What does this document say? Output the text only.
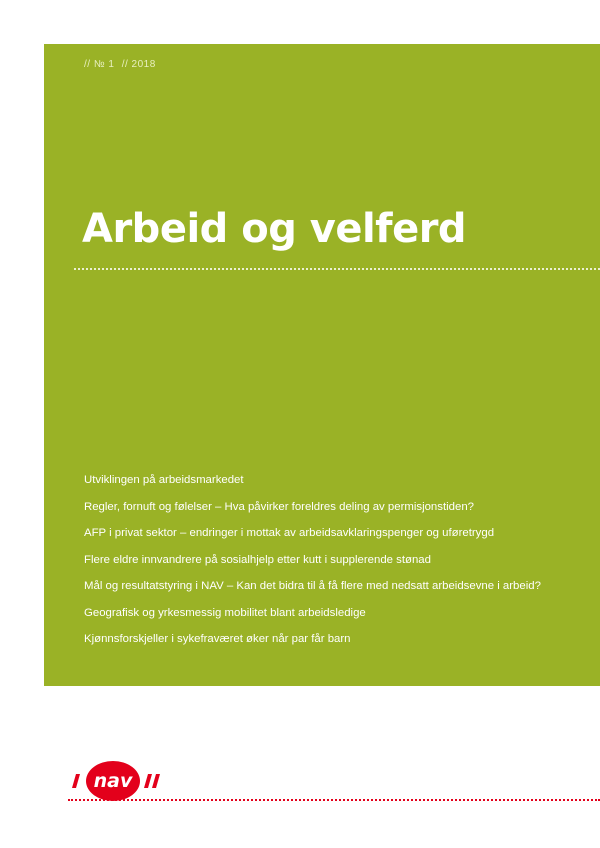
// № 1 // 2018
Arbeid og velferd
Utviklingen på arbeidsmarkedet
Regler, fornuft og følelser – Hva påvirker foreldres deling av permisjonstiden?
AFP i privat sektor – endringer i mottak av arbeidsavklaringspenger og uføretrygd
Flere eldre innvandrere på sosialhjelp etter kutt i supplerende stønad
Mål og resultatstyring i NAV – Kan det bidra til å få flere med nedsatt arbeidsevne i arbeid?
Geografisk og yrkesmessig mobilitet blant arbeidsledige
Kjønnsforskjeller i sykefraværet øker når par får barn
nav
